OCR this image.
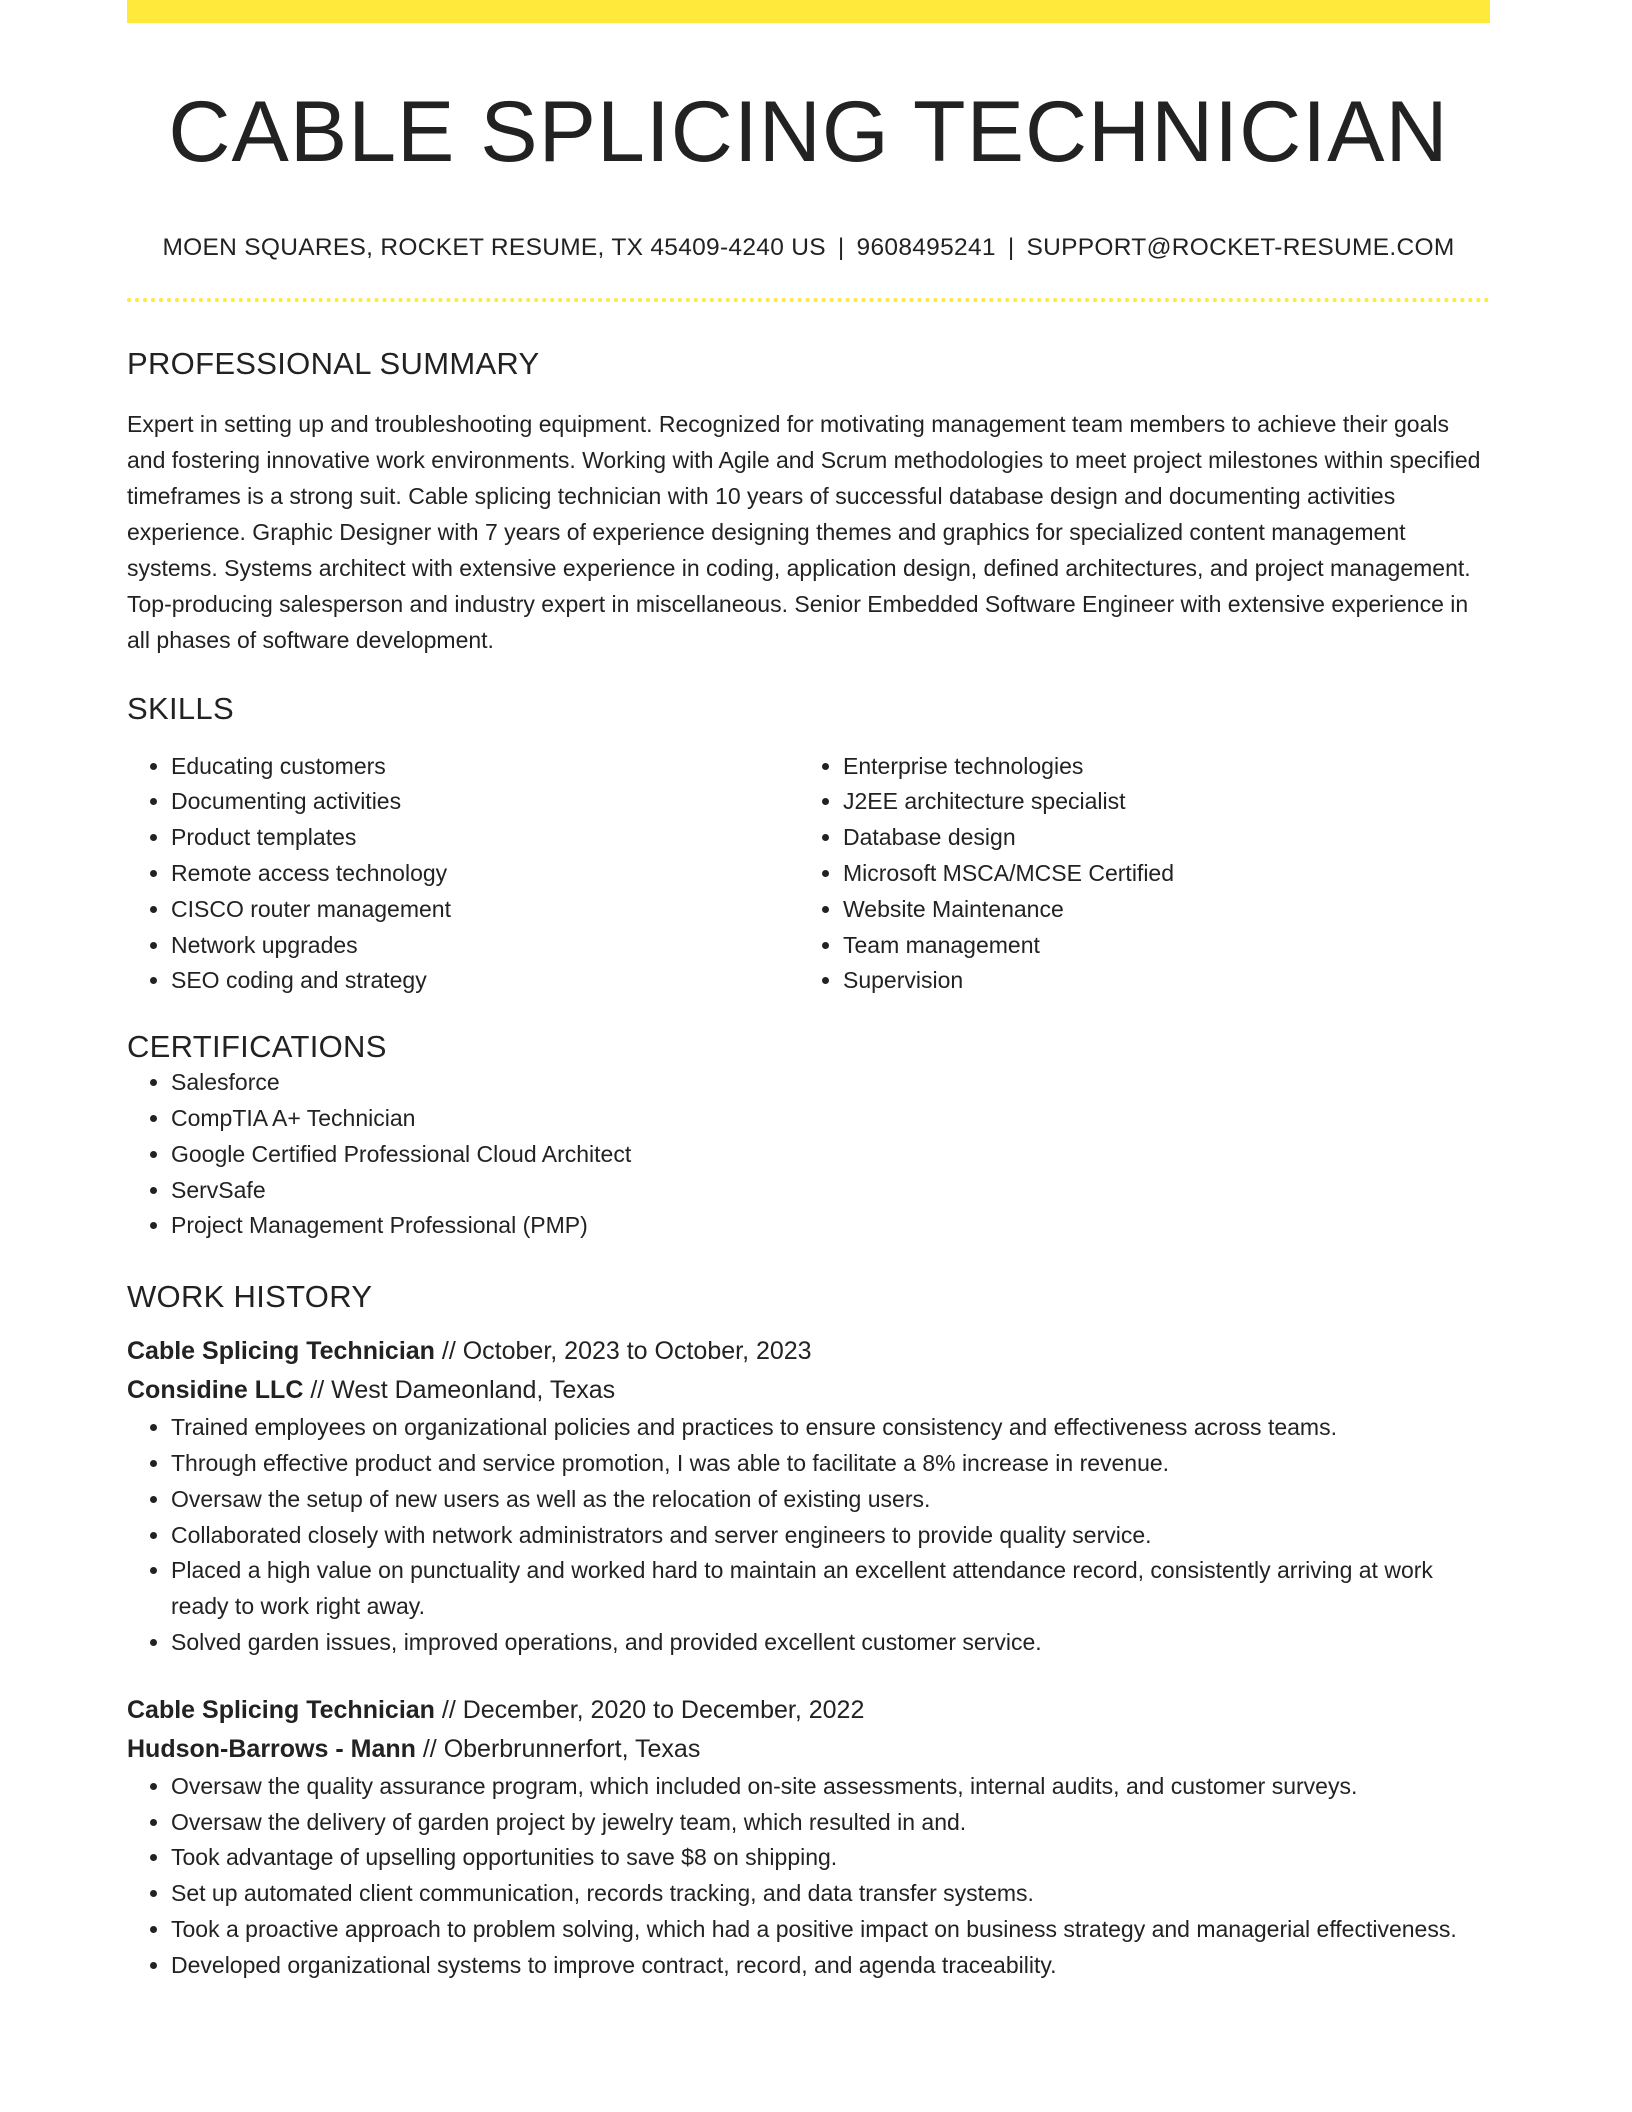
CABLE SPLICING TECHNICIAN
MOEN SQUARES, ROCKET RESUME, TX 45409-4240 US | 9608495241 | SUPPORT@ROCKET-RESUME.COM
PROFESSIONAL SUMMARY
Expert in setting up and troubleshooting equipment. Recognized for motivating management team members to achieve their goals and fostering innovative work environments. Working with Agile and Scrum methodologies to meet project milestones within specified timeframes is a strong suit. Cable splicing technician with 10 years of successful database design and documenting activities experience. Graphic Designer with 7 years of experience designing themes and graphics for specialized content management systems. Systems architect with extensive experience in coding, application design, defined architectures, and project management. Top-producing salesperson and industry expert in miscellaneous. Senior Embedded Software Engineer with extensive experience in all phases of software development.
SKILLS
• Educating customers
• Documenting activities
• Product templates
• Remote access technology
• CISCO router management
• Network upgrades
• SEO coding and strategy
• Enterprise technologies
• J2EE architecture specialist
• Database design
• Microsoft MSCA/MCSE Certified
• Website Maintenance
• Team management
• Supervision
CERTIFICATIONS
• Salesforce
• CompTIA A+ Technician
• Google Certified Professional Cloud Architect
• ServSafe
• Project Management Professional (PMP)
WORK HISTORY
Cable Splicing Technician // October, 2023 to October, 2023
Considine LLC // West Dameonland, Texas
• Trained employees on organizational policies and practices to ensure consistency and effectiveness across teams.
• Through effective product and service promotion, I was able to facilitate a 8% increase in revenue.
• Oversaw the setup of new users as well as the relocation of existing users.
• Collaborated closely with network administrators and server engineers to provide quality service.
• Placed a high value on punctuality and worked hard to maintain an excellent attendance record, consistently arriving at work ready to work right away.
• Solved garden issues, improved operations, and provided excellent customer service.
Cable Splicing Technician // December, 2020 to December, 2022
Hudson-Barrows - Mann // Oberbrunnerfort, Texas
• Oversaw the quality assurance program, which included on-site assessments, internal audits, and customer surveys.
• Oversaw the delivery of garden project by jewelry team, which resulted in and.
• Took advantage of upselling opportunities to save $8 on shipping.
• Set up automated client communication, records tracking, and data transfer systems.
• Took a proactive approach to problem solving, which had a positive impact on business strategy and managerial effectiveness.
• Developed organizational systems to improve contract, record, and agenda traceability.
